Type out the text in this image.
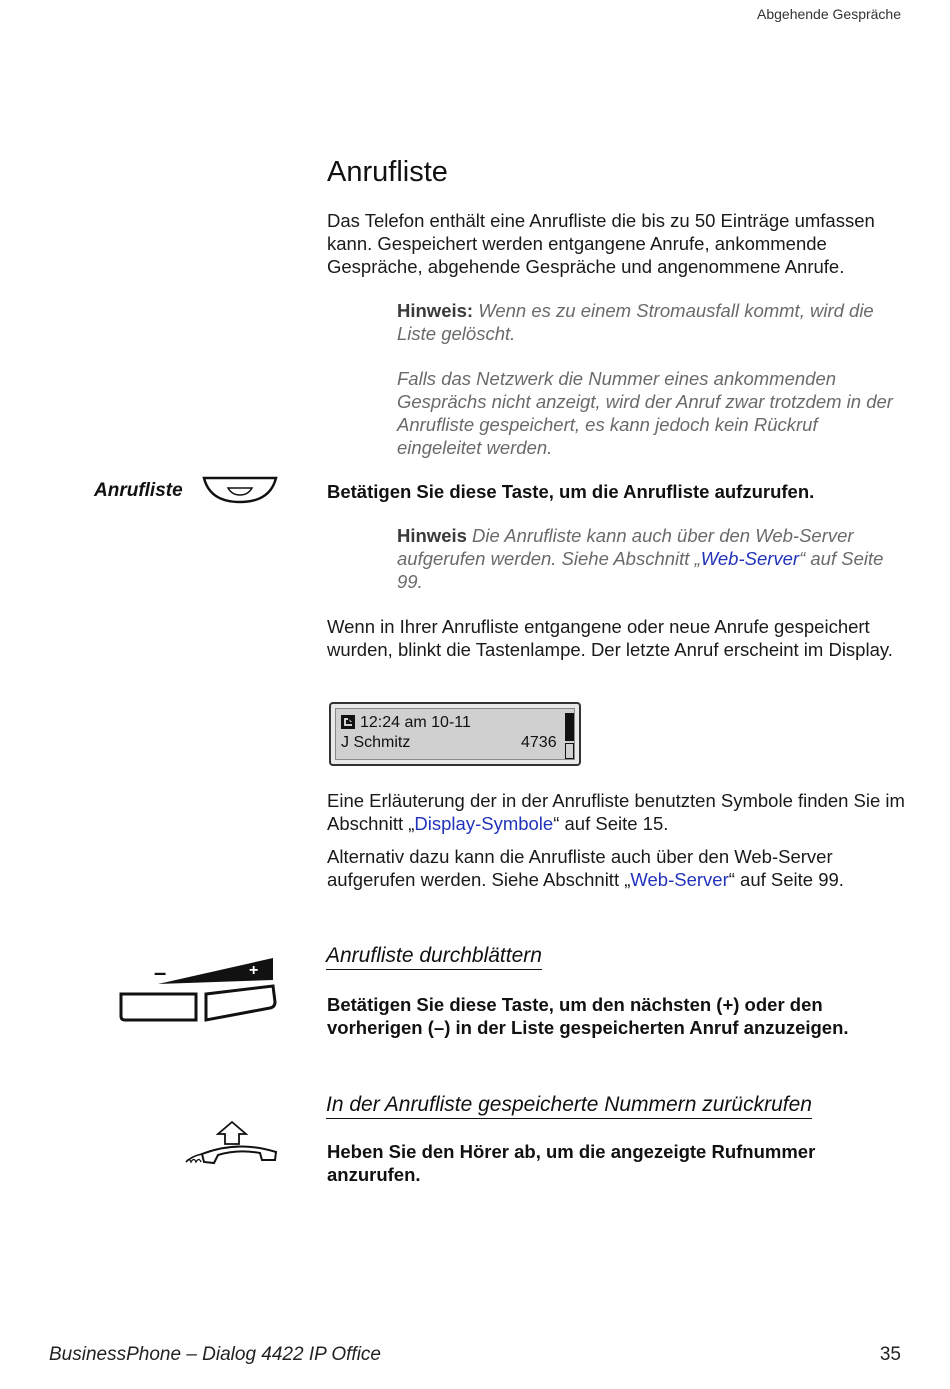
Abgehende Gespräche
Anrufliste
Das Telefon enthält eine Anrufliste die bis zu 50 Einträge umfassen kann. Gespeichert werden entgangene Anrufe, ankommende Gespräche, abgehende Gespräche und angenommene Anrufe.
Hinweis: Wenn es zu einem Stromausfall kommt, wird die Liste gelöscht.
Falls das Netzwerk die Nummer eines ankommenden Gesprächs nicht anzeigt, wird der Anruf zwar trotzdem in der Anrufliste gespeichert, es kann jedoch kein Rückruf eingeleitet werden.
Anrufliste	Betätigen Sie diese Taste, um die Anrufliste aufzurufen.
Hinweis Die Anrufliste kann auch über den Web-Server aufgerufen werden. Siehe Abschnitt „Web-Server“ auf Seite 99.
Wenn in Ihrer Anrufliste entgangene oder neue Anrufe gespeichert wurden, blinkt die Tastenlampe. Der letzte Anruf erscheint im Display.
12:24 am 10-11
J Schmitz	4736
Eine Erläuterung der in der Anrufliste benutzten Symbole finden Sie im Abschnitt „Display-Symbole“ auf Seite 15.
Alternativ dazu kann die Anrufliste auch über den Web-Server aufgerufen werden. Siehe Abschnitt „Web-Server“ auf Seite 99.
Anrufliste durchblättern
–	+
Betätigen Sie diese Taste, um den nächsten (+) oder den vorherigen (–) in der Liste gespeicherten Anruf anzuzeigen.
In der Anrufliste gespeicherte Nummern zurückrufen
Heben Sie den Hörer ab, um die angezeigte Rufnummer anzurufen.
BusinessPhone – Dialog 4422 IP Office	35
